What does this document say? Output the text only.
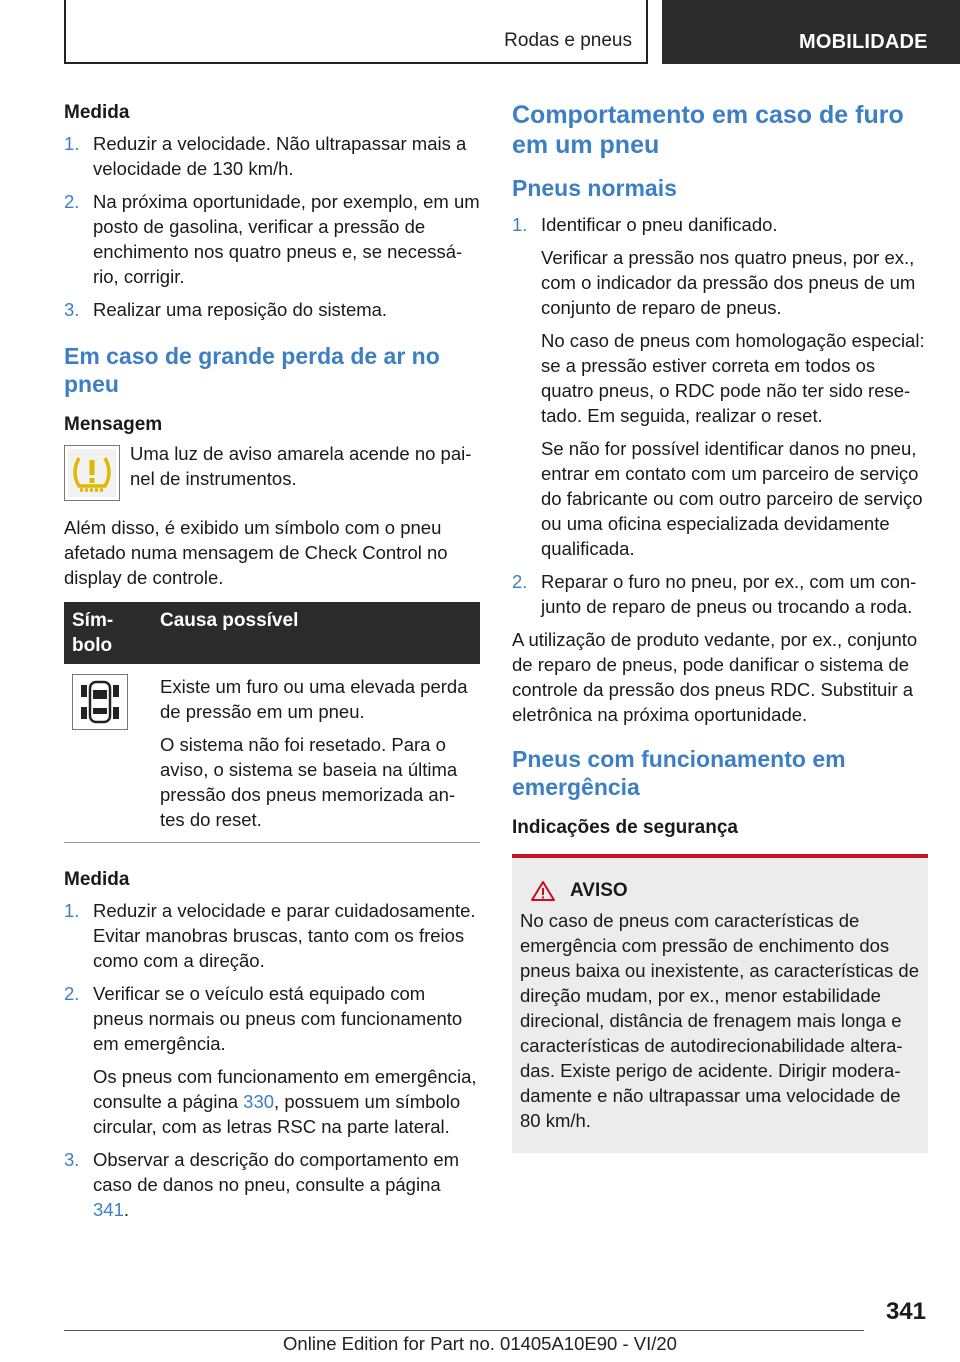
Rodas e pneus	MOBILIDADE
Medida
1. Reduzir a velocidade. Não ultrapassar mais a velocidade de 130 km/h.
2. Na próxima oportunidade, por exemplo, em um posto de gasolina, verificar a pressão de enchimento nos quatro pneus e, se necessário, corrigir.
3. Realizar uma reposição do sistema.
Em caso de grande perda de ar no pneu
Mensagem
Uma luz de aviso amarela acende no painel de instrumentos.
Além disso, é exibido um símbolo com o pneu afetado numa mensagem de Check Control no display de controle.
Símbolo	Causa possível

Existe um furo ou uma elevada perda de pressão em um pneu.
O sistema não foi resetado. Para o aviso, o sistema se baseia na última pressão dos pneus memorizada antes do reset.
Medida
1. Reduzir a velocidade e parar cuidadosamente. Evitar manobras bruscas, tanto com os freios como com a direção.
2. Verificar se o veículo está equipado com pneus normais ou pneus com funcionamento em emergência.
Os pneus com funcionamento em emergência, consulte a página 330, possuem um símbolo circular, com as letras RSC na parte lateral.
3. Observar a descrição do comportamento em caso de danos no pneu, consulte a página 341.
Comportamento em caso de furo em um pneu
Pneus normais
1. Identificar o pneu danificado.
Verificar a pressão nos quatro pneus, por ex., com o indicador da pressão dos pneus de um conjunto de reparo de pneus.
No caso de pneus com homologação especial: se a pressão estiver correta em todos os quatro pneus, o RDC pode não ter sido resetado. Em seguida, realizar o reset.
Se não for possível identificar danos no pneu, entrar em contato com um parceiro de serviço do fabricante ou com outro parceiro de serviço ou uma oficina especializada devidamente qualificada.
2. Reparar o furo no pneu, por ex., com um conjunto de reparo de pneus ou trocando a roda.
A utilização de produto vedante, por ex., conjunto de reparo de pneus, pode danificar o sistema de controle da pressão dos pneus RDC. Substituir a eletrônica na próxima oportunidade.
Pneus com funcionamento em emergência
Indicações de segurança
AVISO
No caso de pneus com características de emergência com pressão de enchimento dos pneus baixa ou inexistente, as características de direção mudam, por ex., menor estabilidade direcional, distância de frenagem mais longa e características de autodirecionabilidade alteradas. Existe perigo de acidente. Dirigir moderadamente e não ultrapassar uma velocidade de 80 km/h.
341
Online Edition for Part no. 01405A10E90 - VI/20
